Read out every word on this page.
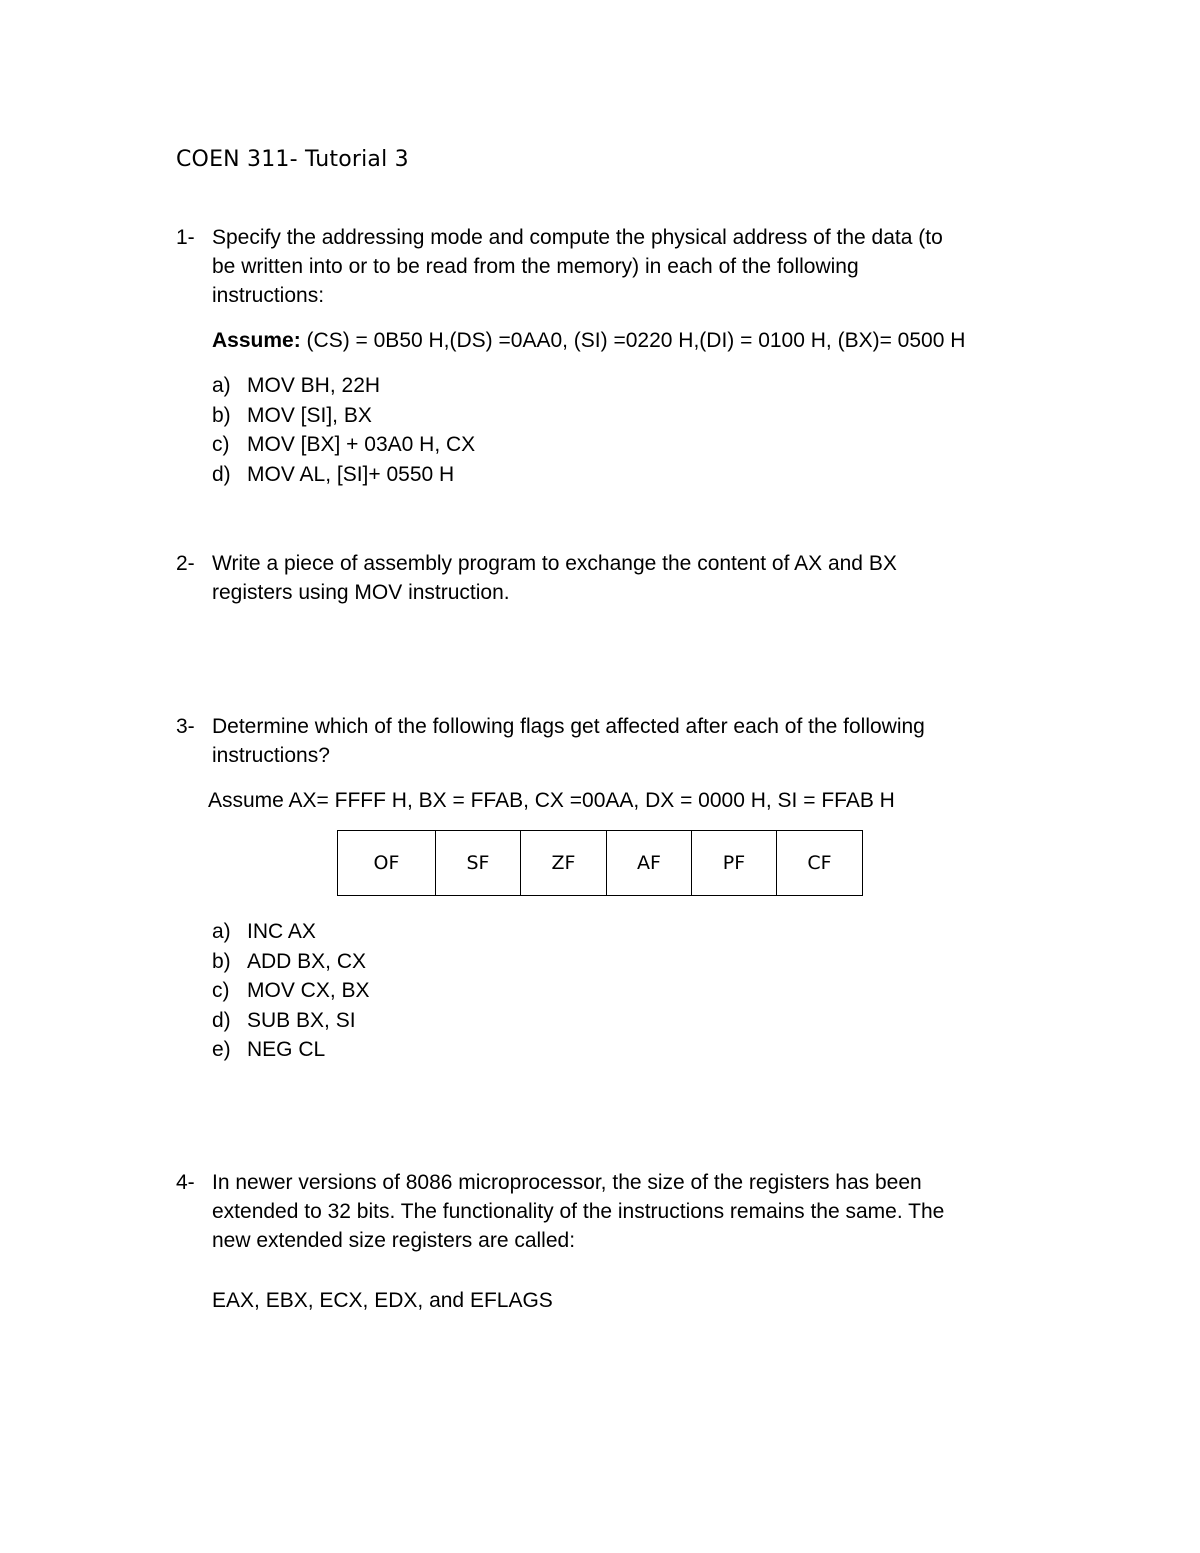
COEN 311- Tutorial 3
1- Specify the addressing mode and compute the physical address of the data (to
be written into or to be read from the memory) in each of the following
instructions:
Assume: (CS) = 0B50 H,(DS) =0AA0, (SI) =0220 H,(DI) = 0100 H, (BX)= 0500 H
a) MOV BH, 22H
b) MOV [SI], BX
c) MOV [BX] + 03A0 H, CX
d) MOV AL, [SI]+ 0550 H
2- Write a piece of assembly program to exchange the content of AX and BX
registers using MOV instruction.
3- Determine which of the following flags get affected after each of the following
instructions?
Assume AX= FFFF H, BX = FFAB, CX =00AA, DX = 0000 H, SI = FFAB H
OF	SF	ZF	AF	PF	CF
a) INC AX
b) ADD BX, CX
c) MOV CX, BX
d) SUB BX, SI
e) NEG CL
4- In newer versions of 8086 microprocessor, the size of the registers has been
extended to 32 bits. The functionality of the instructions remains the same. The
new extended size registers are called:
EAX, EBX, ECX, EDX, and EFLAGS
